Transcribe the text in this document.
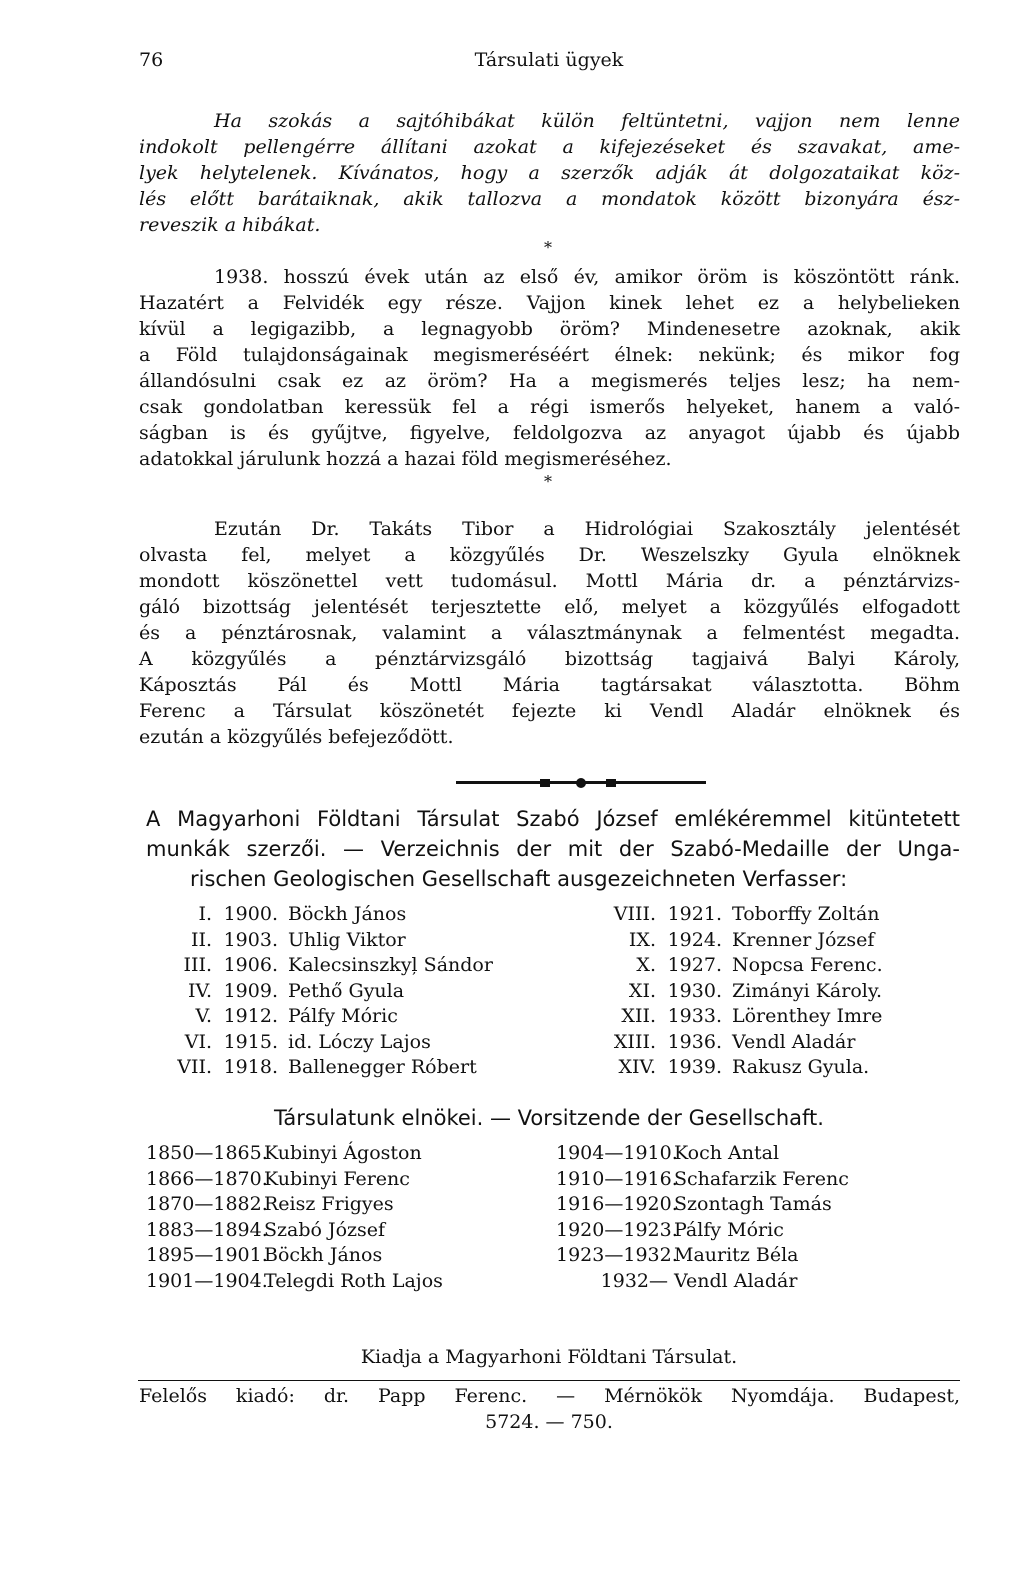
76	Társulati ügyek
Ha szokás a sajtóhibákat külön feltüntetni, vajjon nem lenne
indokolt pellengérre állítani azokat a kifejezéseket és szavakat, ame-
lyek helytelenek. Kívánatos, hogy a szerzők adják át dolgozataikat köz-
lés előtt barátaiknak, akik tallozva a mondatok között bizonyára ész-
reveszik a hibákat.
*
1938. hosszú évek után az első év, amikor öröm is köszöntött ránk.
Hazatért a Felvidék egy része. Vajjon kinek lehet ez a helybelieken
kívül a legigazibb, a legnagyobb öröm? Mindenesetre azoknak, akik
a Föld tulajdonságainak megismeréséért élnek: nekünk; és mikor fog
állandósulni csak ez az öröm? Ha a megismerés teljes lesz; ha nem-
csak gondolatban keressük fel a régi ismerős helyeket, hanem a való-
ságban is és gyűjtve, figyelve, feldolgozva az anyagot újabb és újabb
adatokkal járulunk hozzá a hazai föld megismeréséhez.
*
Ezután Dr. Takáts Tibor a Hidrológiai Szakosztály jelentését
olvasta fel, melyet a közgyűlés Dr. Weszelszky Gyula elnöknek
mondott köszönettel vett tudomásul. Mottl Mária dr. a pénztárvizs-
gáló bizottság jelentését terjesztette elő, melyet a közgyűlés elfogadott
és a pénztárosnak, valamint a választmánynak a felmentést megadta.
A közgyűlés a pénztárvizsgáló bizottság tagjaivá Balyi Károly,
Káposztás Pál és Mottl Mária tagtársakat választotta. Böhm
Ferenc a Társulat köszönetét fejezte ki Vendl Aladár elnöknek és
ezután a közgyűlés befejeződött.
A Magyarhoni Földtani Társulat Szabó József emlékéremmel kitüntetett
munkák szerzői. — Verzeichnis der mit der Szabó-Medaille der Unga-
rischen Geologischen Gesellschaft ausgezeichneten Verfasser:
I. 1900. Böckh János
II. 1903. Uhlig Viktor
III. 1906. Kalecsinszkyļ Sándor
IV. 1909. Pethő Gyula
V. 1912. Pálfy Móric
VI. 1915. id. Lóczy Lajos
VII. 1918. Ballenegger Róbert
VIII. 1921. Toborffy Zoltán
IX. 1924. Krenner József
X. 1927. Nopcsa Ferenc.
XI. 1930. Zimányi Károly.
XII. 1933. Lörenthey Imre
XIII. 1936. Vendl Aladár
XIV. 1939. Rakusz Gyula.
Társulatunk elnökei. — Vorsitzende der Gesellschaft.
1850—1865.Kubinyi Ágoston
1866—1870.Kubinyi Ferenc
1870—1882.Reisz Frigyes
1883—1894.Szabó József
1895—1901.Böckh János
1901—1904.Telegdi Roth Lajos
1904—1910.Koch Antal
1910—1916.Schafarzik Ferenc
1916—1920.Szontagh Tamás
1920—1923.Pálfy Móric
1923—1932.Mauritz Béla
1932— Vendl Aladár
Kiadja a Magyarhoni Földtani Társulat.
Felelős kiadó: dr. Papp Ferenc. — Mérnökök Nyomdája. Budapest,
5724. — 750.
